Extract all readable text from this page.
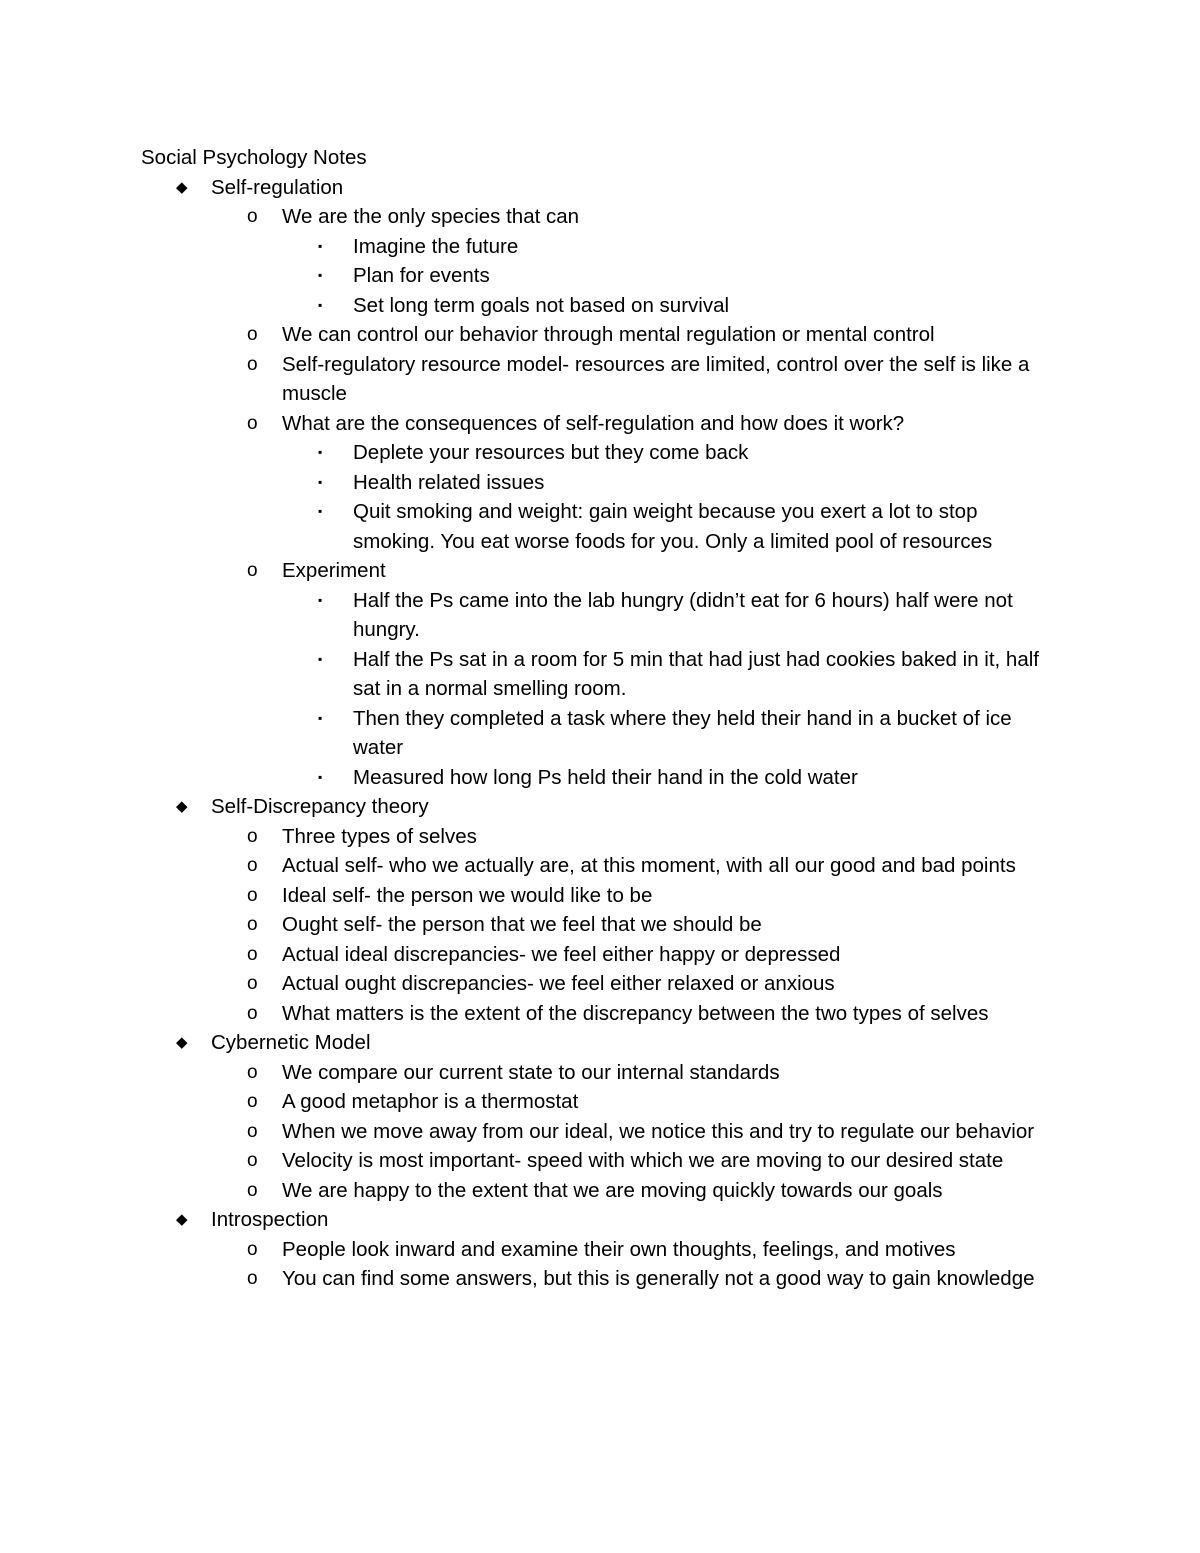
Social Psychology Notes
◆ Self-regulation
o We are the only species that can
▪ Imagine the future
▪ Plan for events
▪ Set long term goals not based on survival
o We can control our behavior through mental regulation or mental control
o Self-regulatory resource model- resources are limited, control over the self is like a muscle
o What are the consequences of self-regulation and how does it work?
▪ Deplete your resources but they come back
▪ Health related issues
▪ Quit smoking and weight: gain weight because you exert a lot to stop smoking. You eat worse foods for you. Only a limited pool of resources
o Experiment
▪ Half the Ps came into the lab hungry (didn’t eat for 6 hours) half were not hungry.
▪ Half the Ps sat in a room for 5 min that had just had cookies baked in it, half sat in a normal smelling room.
▪ Then they completed a task where they held their hand in a bucket of ice water
▪ Measured how long Ps held their hand in the cold water
◆ Self-Discrepancy theory
o Three types of selves
o Actual self- who we actually are, at this moment, with all our good and bad points
o Ideal self- the person we would like to be
o Ought self- the person that we feel that we should be
o Actual ideal discrepancies- we feel either happy or depressed
o Actual ought discrepancies- we feel either relaxed or anxious
o What matters is the extent of the discrepancy between the two types of selves
◆ Cybernetic Model
o We compare our current state to our internal standards
o A good metaphor is a thermostat
o When we move away from our ideal, we notice this and try to regulate our behavior
o Velocity is most important- speed with which we are moving to our desired state
o We are happy to the extent that we are moving quickly towards our goals
◆ Introspection
o People look inward and examine their own thoughts, feelings, and motives
o You can find some answers, but this is generally not a good way to gain knowledge
